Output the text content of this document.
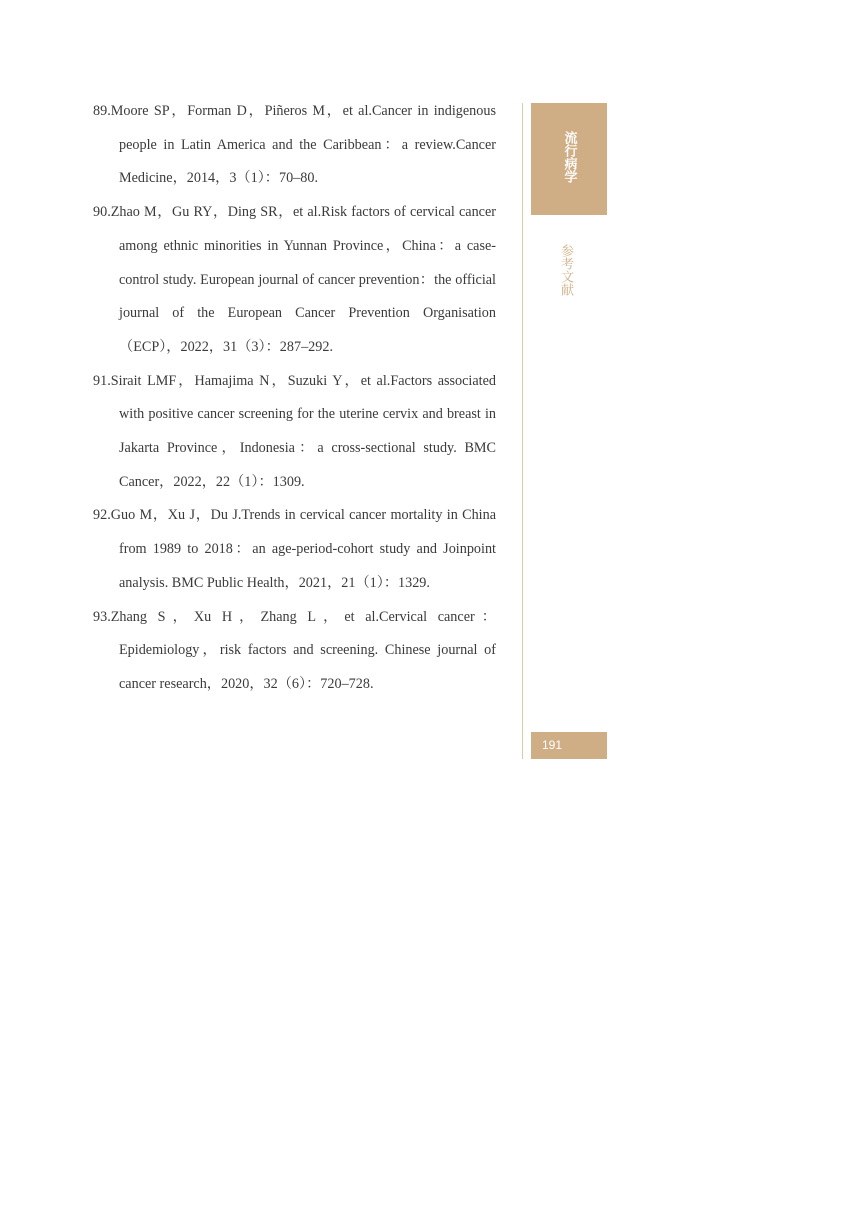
89.Moore SP，Forman D，Piñeros M，et al.Cancer in indigenous people in Latin America and the Caribbean：a review.Cancer Medicine，2014，3（1）：70–80.
90.Zhao M，Gu RY，Ding SR，et al.Risk factors of cervical cancer among ethnic minorities in Yunnan Province，China：a case-control study. European journal of cancer prevention：the official journal of the European Cancer Prevention Organisation（ECP），2022，31（3）：287–292.
91.Sirait LMF，Hamajima N，Suzuki Y，et al.Factors associated with positive cancer screening for the uterine cervix and breast in Jakarta Province，Indonesia：a cross-sectional study. BMC Cancer，2022，22（1）：1309.
92.Guo M，Xu J，Du J.Trends in cervical cancer mortality in China from 1989 to 2018：an age-period-cohort study and Joinpoint analysis. BMC Public Health，2021，21（1）：1329.
93.Zhang S，Xu H，Zhang L，et al.Cervical cancer：Epidemiology，risk factors and screening. Chinese journal of cancer research，2020，32（6）：720–728.
流行病学
参考文献
191
